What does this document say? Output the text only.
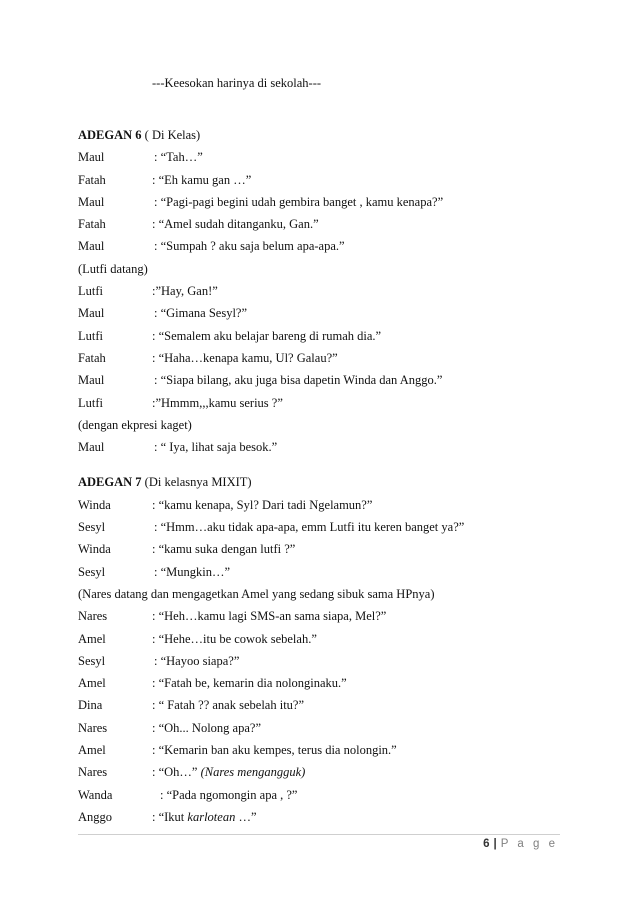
---Keesokan harinya di sekolah---
ADEGAN 6 ( Di Kelas)
Maul	: “Tah…”
Fatah	: “Eh kamu gan …”
Maul	: “Pagi-pagi begini udah gembira banget , kamu kenapa?”
Fatah	: “Amel sudah ditanganku, Gan.”
Maul	: “Sumpah ? aku saja belum apa-apa.”
(Lutfi datang)
Lutfi	:”Hay, Gan!”
Maul	: “Gimana Sesyl?”
Lutfi	: “Semalem aku belajar bareng di rumah dia.”
Fatah	: “Haha…kenapa kamu, Ul? Galau?”
Maul	: “Siapa bilang, aku juga bisa dapetin Winda dan Anggo.”
Lutfi	:”Hmmm,,,kamu serius ?”
(dengan ekpresi kaget)
Maul	: “ Iya, lihat saja besok.”
ADEGAN 7 (Di kelasnya MIXIT)
Winda	: “kamu kenapa, Syl? Dari tadi Ngelamun?”
Sesyl	: “Hmm…aku tidak apa-apa, emm Lutfi itu keren banget ya?”
Winda	: “kamu suka dengan lutfi ?”
Sesyl	: “Mungkin…”
(Nares datang dan mengagetkan Amel yang sedang sibuk sama HPnya)
Nares	: “Heh…kamu lagi SMS-an sama siapa, Mel?”
Amel	: “Hehe…itu be cowok sebelah.”
Sesyl	: “Hayoo siapa?”
Amel	: “Fatah be, kemarin dia nolonginaku.”
Dina	: “ Fatah ?? anak sebelah itu?”
Nares	: “Oh... Nolong apa?”
Amel	: “Kemarin ban aku kempes, terus dia nolongin.”
Nares	: “Oh…” (Nares mengangguk)
Wanda	: “Pada ngomongin apa , ?”
Anggo	: “Ikut karlotean …”
6 | P a g e
